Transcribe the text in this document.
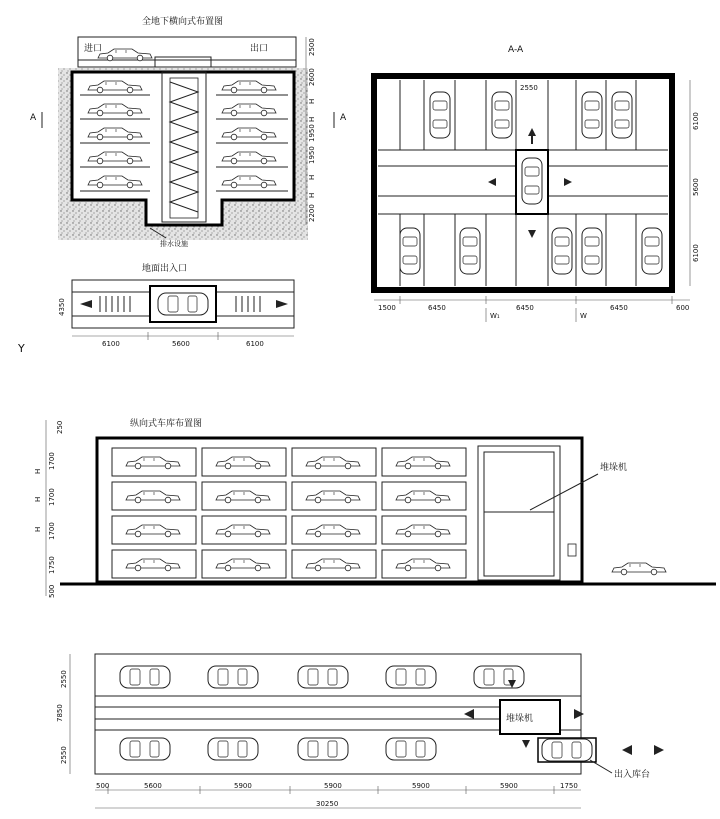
全地下横向式布置图
进口	出口
A	A
排水设施
2500
2600
H
H
1950
1950
H
H
2200
地面出入口
6100	5600	6100
4350
Y
A-A
2550
6100
5600
6100
1500	6450	6450	6450	600
W₁	W
纵向式车库布置图
堆垛机
250
1700
H
1700
H
1700
H
1750
500
堆垛机
出入库台
2550
7850
2550
500	5600	5900	5900	5900	5900	1750
30250
